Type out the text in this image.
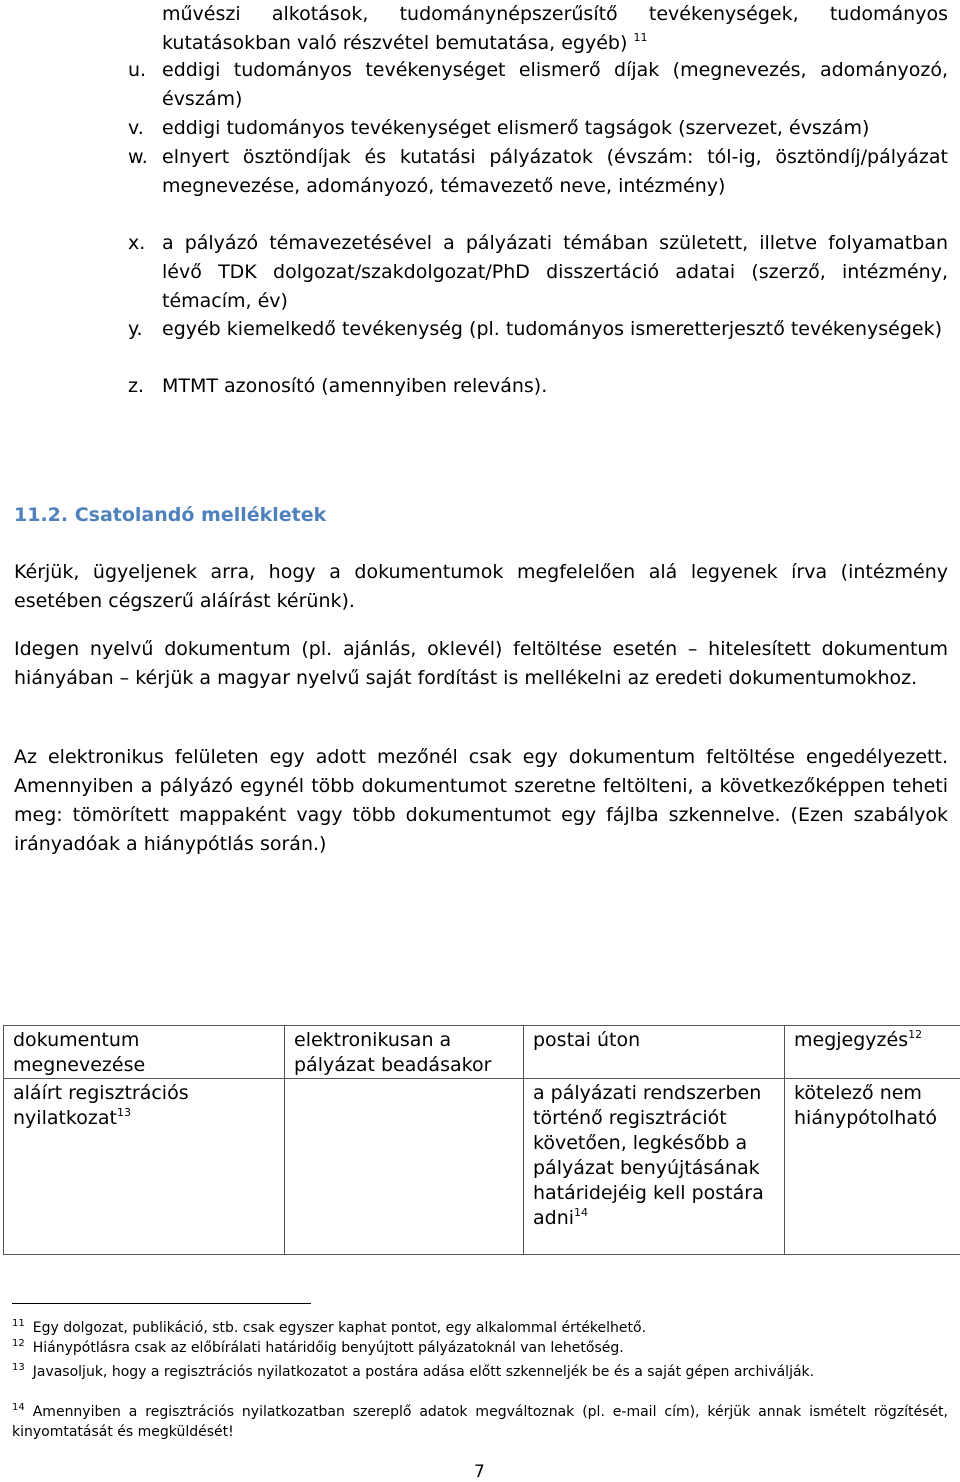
művészi alkotások, tudománynépszerűsítő tevékenységek, tudományos kutatásokban való részvétel bemutatása, egyéb) $^{11}$
u. eddigi tudományos tevékenységet elismerő díjak (megnevezés, adományozó, évszám)
v. eddigi tudományos tevékenységet elismerő tagságok (szervezet, évszám)
w. elnyert ösztöndíjak és kutatási pályázatok (évszám: tól-ig, ösztöndíj/pályázat megnevezése, adományozó, témavezető neve, intézmény)
x. a pályázó témavezetésével a pályázati témában született, illetve folyamatban lévő TDK dolgozat/szakdolgozat/PhD disszertáció adatai (szerző, intézmény, témacím, év)
y. egyéb kiemelkedő tevékenység (pl. tudományos ismeretterjesztő tevékenységek)
z. MTMT azonosító (amennyiben releváns).
11.2. Csatolandó mellékletek
Kérjük, ügyeljenek arra, hogy a dokumentumok megfelelően alá legyenek írva (intézmény esetében cégszerű aláírást kérünk).
Idegen nyelvű dokumentum (pl. ajánlás, oklevél) feltöltése esetén – hitelesített dokumentum hiányában – kérjük a magyar nyelvű saját fordítást is mellékelni az eredeti dokumentumokhoz.
Az elektronikus felületen egy adott mezőnél csak egy dokumentum feltöltése engedélyezett. Amennyiben a pályázó egynél több dokumentumot szeretne feltölteni, a következőképpen teheti meg: tömörített mappaként vagy több dokumentumot egy fájlba szkennelve. (Ezen szabályok irányadóak a hiánypótlás során.)
dokumentum megnevezése	elektronikusan a pályázat beadásakor	postai úton	megjegyzés$^{12}$
aláírt regisztrációs nyilatkozat$^{13}$		a pályázati rendszerben történő regisztrációt követően, legkésőbb a pályázat benyújtásának határidejéig kell postára adni$^{14}$	kötelező nem hiánypótolható
$^{11}$ Egy dolgozat, publikáció, stb. csak egyszer kaphat pontot, egy alkalommal értékelhető.
$^{12}$ Hiánypótlásra csak az előbírálati határidőig benyújtott pályázatoknál van lehetőség.
$^{13}$ Javasoljuk, hogy a regisztrációs nyilatkozatot a postára adása előtt szkenneljék be és a saját gépen archiválják.
$^{14}$ Amennyiben a regisztrációs nyilatkozatban szereplő adatok megváltoznak (pl. e-mail cím), kérjük annak ismételt rögzítését, kinyomtatását és megküldését!
7
